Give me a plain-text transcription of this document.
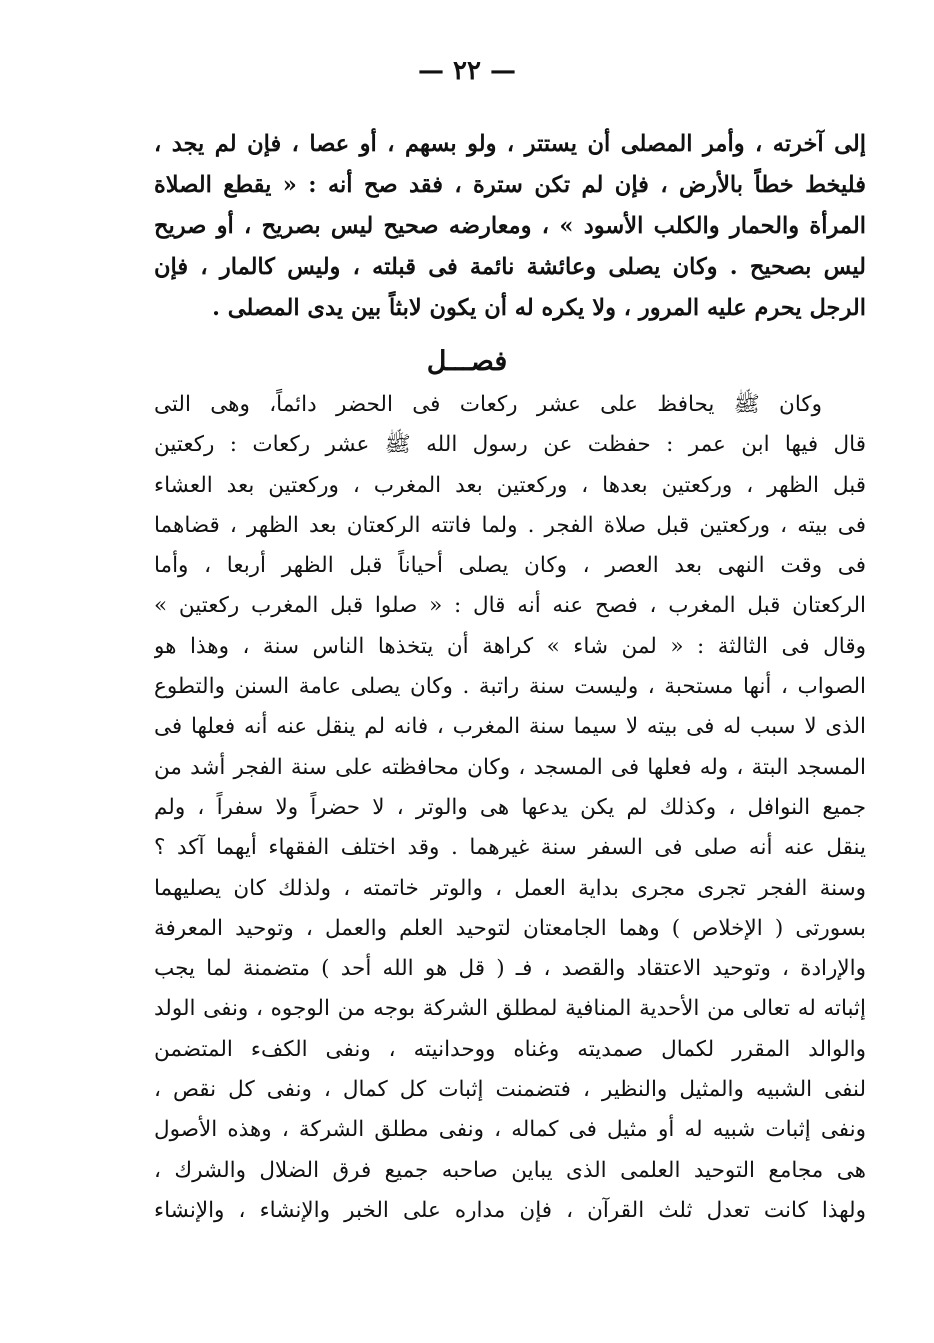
— ٢٢ —
إلى آخرته ، وأمر المصلى أن يستتر ، ولو بسهم ، أو عصا ، فإن لم يجد ،
فليخط خطاً بالأرض ، فإن لم تكن سترة ، فقد صح أنه : « يقطع الصلاة
المرأة والحمار والكلب الأسود » ، ومعارضه صحيح ليس بصريح ، أو صريح
ليس بصحيح . وكان يصلى وعائشة نائمة فى قبلته ، وليس كالمار ، فإن
الرجل يحرم عليه المرور ، ولا يكره له أن يكون لابثاً بين يدى المصلى .
فصـــل
وكان ﷺ يحافظ على عشر ركعات فى الحضر دائماً، وهى التى
قال فيها ابن عمر : حفظت عن رسول الله ﷺ عشر ركعات : ركعتين
قبل الظهر ، وركعتين بعدها ، وركعتين بعد المغرب ، وركعتين بعد العشاء
فى بيته ، وركعتين قبل صلاة الفجر . ولما فاتته الركعتان بعد الظهر ، قضاهما
فى وقت النهى بعد العصر ، وكان يصلى أحياناً قبل الظهر أربعا ، وأما
الركعتان قبل المغرب ، فصح عنه أنه قال : « صلوا قبل المغرب ركعتين »
وقال فى الثالثة : « لمن شاء » كراهة أن يتخذها الناس سنة ، وهذا هو
الصواب ، أنها مستحبة ، وليست سنة راتبة . وكان يصلى عامة السنن والتطوع
الذى لا سبب له فى بيته لا سيما سنة المغرب ، فانه لم ينقل عنه أنه فعلها فى
المسجد البتة ، وله فعلها فى المسجد ، وكان محافظته على سنة الفجر أشد من
جميع النوافل ، وكذلك لم يكن يدعها هى والوتر ، لا حضراً ولا سفراً ، ولم
ينقل عنه أنه صلى فى السفر سنة غيرهما . وقد اختلف الفقهاء أيهما آكد ؟
وسنة الفجر تجرى مجرى بداية العمل ، والوتر خاتمته ، ولذلك كان يصليهما
بسورتى ( الإخلاص ) وهما الجامعتان لتوحيد العلم والعمل ، وتوحيد المعرفة
والإرادة ، وتوحيد الاعتقاد والقصد ، فـ ( قل هو الله أحد ) متضمنة لما يجب
إثباته له تعالى من الأحدية المنافية لمطلق الشركة بوجه من الوجوه ، ونفى الولد
والوالد المقرر لكمال صمديته وغناه ووحدانيته ، ونفى الكفء المتضمن
لنفى الشبيه والمثيل والنظير ، فتضمنت إثبات كل كمال ، ونفى كل نقص ،
ونفى إثبات شبيه له أو مثيل فى كماله ، ونفى مطلق الشركة ، وهذه الأصول
هى مجامع التوحيد العلمى الذى يباين صاحبه جميع فرق الضلال والشرك ،
ولهذا كانت تعدل ثلث القرآن ، فإن مداره على الخبر والإنشاء ، والإنشاء
